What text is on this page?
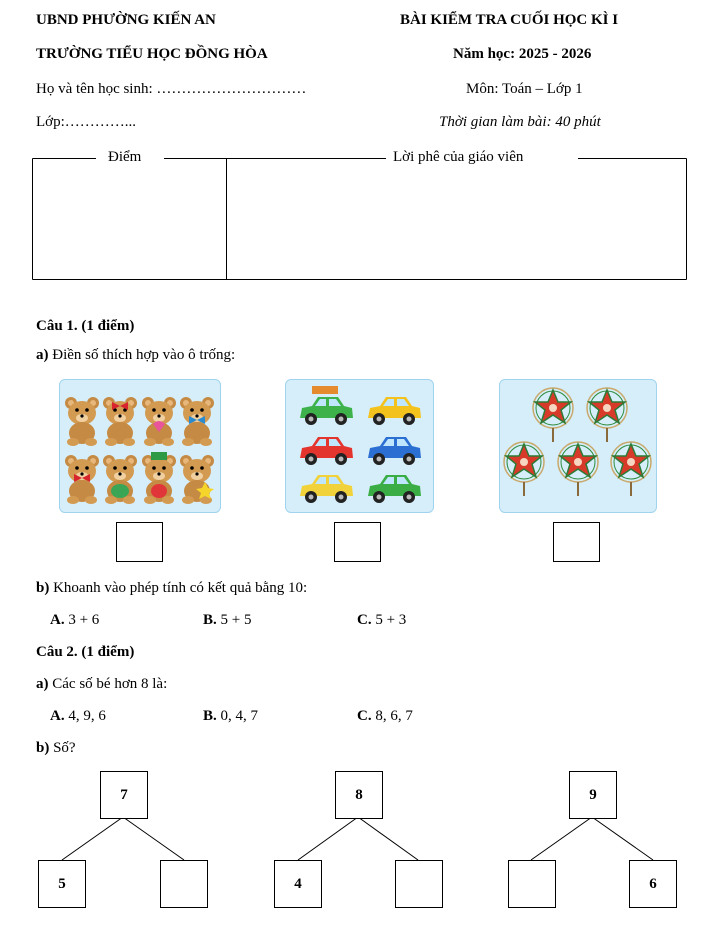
UBND PHƯỜNG KIẾN AN
TRƯỜNG TIỂU HỌC ĐỒNG HÒA
BÀI KIỂM TRA CUỐI HỌC KÌ I
Năm học: 2025 - 2026
Họ và tên học sinh: …………………………	Môn: Toán – Lớp 1
Lớp:…………...	Thời gian làm bài: 40 phút
Điểm	Lời phê của giáo viên
Câu 1. (1 điểm)
a) Điền số thích hợp vào ô trống:
b) Khoanh vào phép tính có kết quả bằng 10:
A. 3 + 6	B. 5 + 5	C. 5 + 3
Câu 2. (1 điểm)
a) Các số bé hơn 8 là:
A. 4, 9, 6	B. 0, 4, 7	C. 8, 6, 7
b) Số?
7
5
8
4
9
6
